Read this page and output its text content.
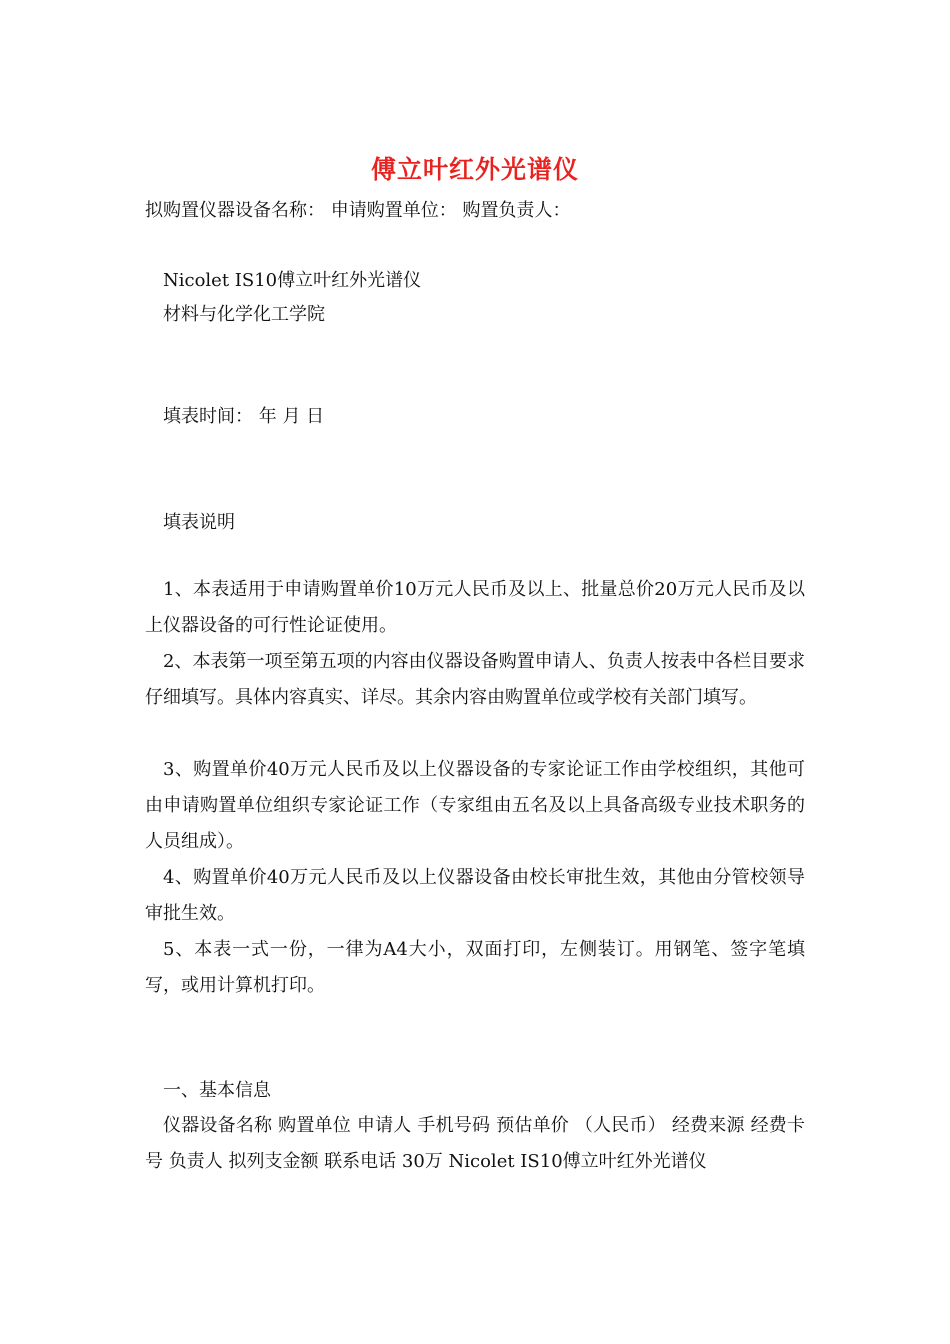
傅立叶红外光谱仪
拟购置仪器设备名称： 申请购置单位： 购置负责人：
Nicolet IS10傅立叶红外光谱仪
材料与化学化工学院
填表时间： 年 月 日
填表说明
1、本表适用于申请购置单价10万元人民币及以上、批量总价20万元人民币及以上仪器设备的可行性论证使用。
2、本表第一项至第五项的内容由仪器设备购置申请人、负责人按表中各栏目要求仔细填写。具体内容真实、详尽。其余内容由购置单位或学校有关部门填写。
3、购置单价40万元人民币及以上仪器设备的专家论证工作由学校组织，其他可由申请购置单位组织专家论证工作（专家组由五名及以上具备高级专业技术职务的人员组成）。
4、购置单价40万元人民币及以上仪器设备由校长审批生效，其他由分管校领导审批生效。
5、本表一式一份，一律为A4大小，双面打印，左侧装订。用钢笔、签字笔填写，或用计算机打印。
一、基本信息
仪器设备名称 购置单位 申请人 手机号码 预估单价 （人民币） 经费来源 经费卡号 负责人 拟列支金额 联系电话 30万 Nicolet IS10傅立叶红外光谱仪
